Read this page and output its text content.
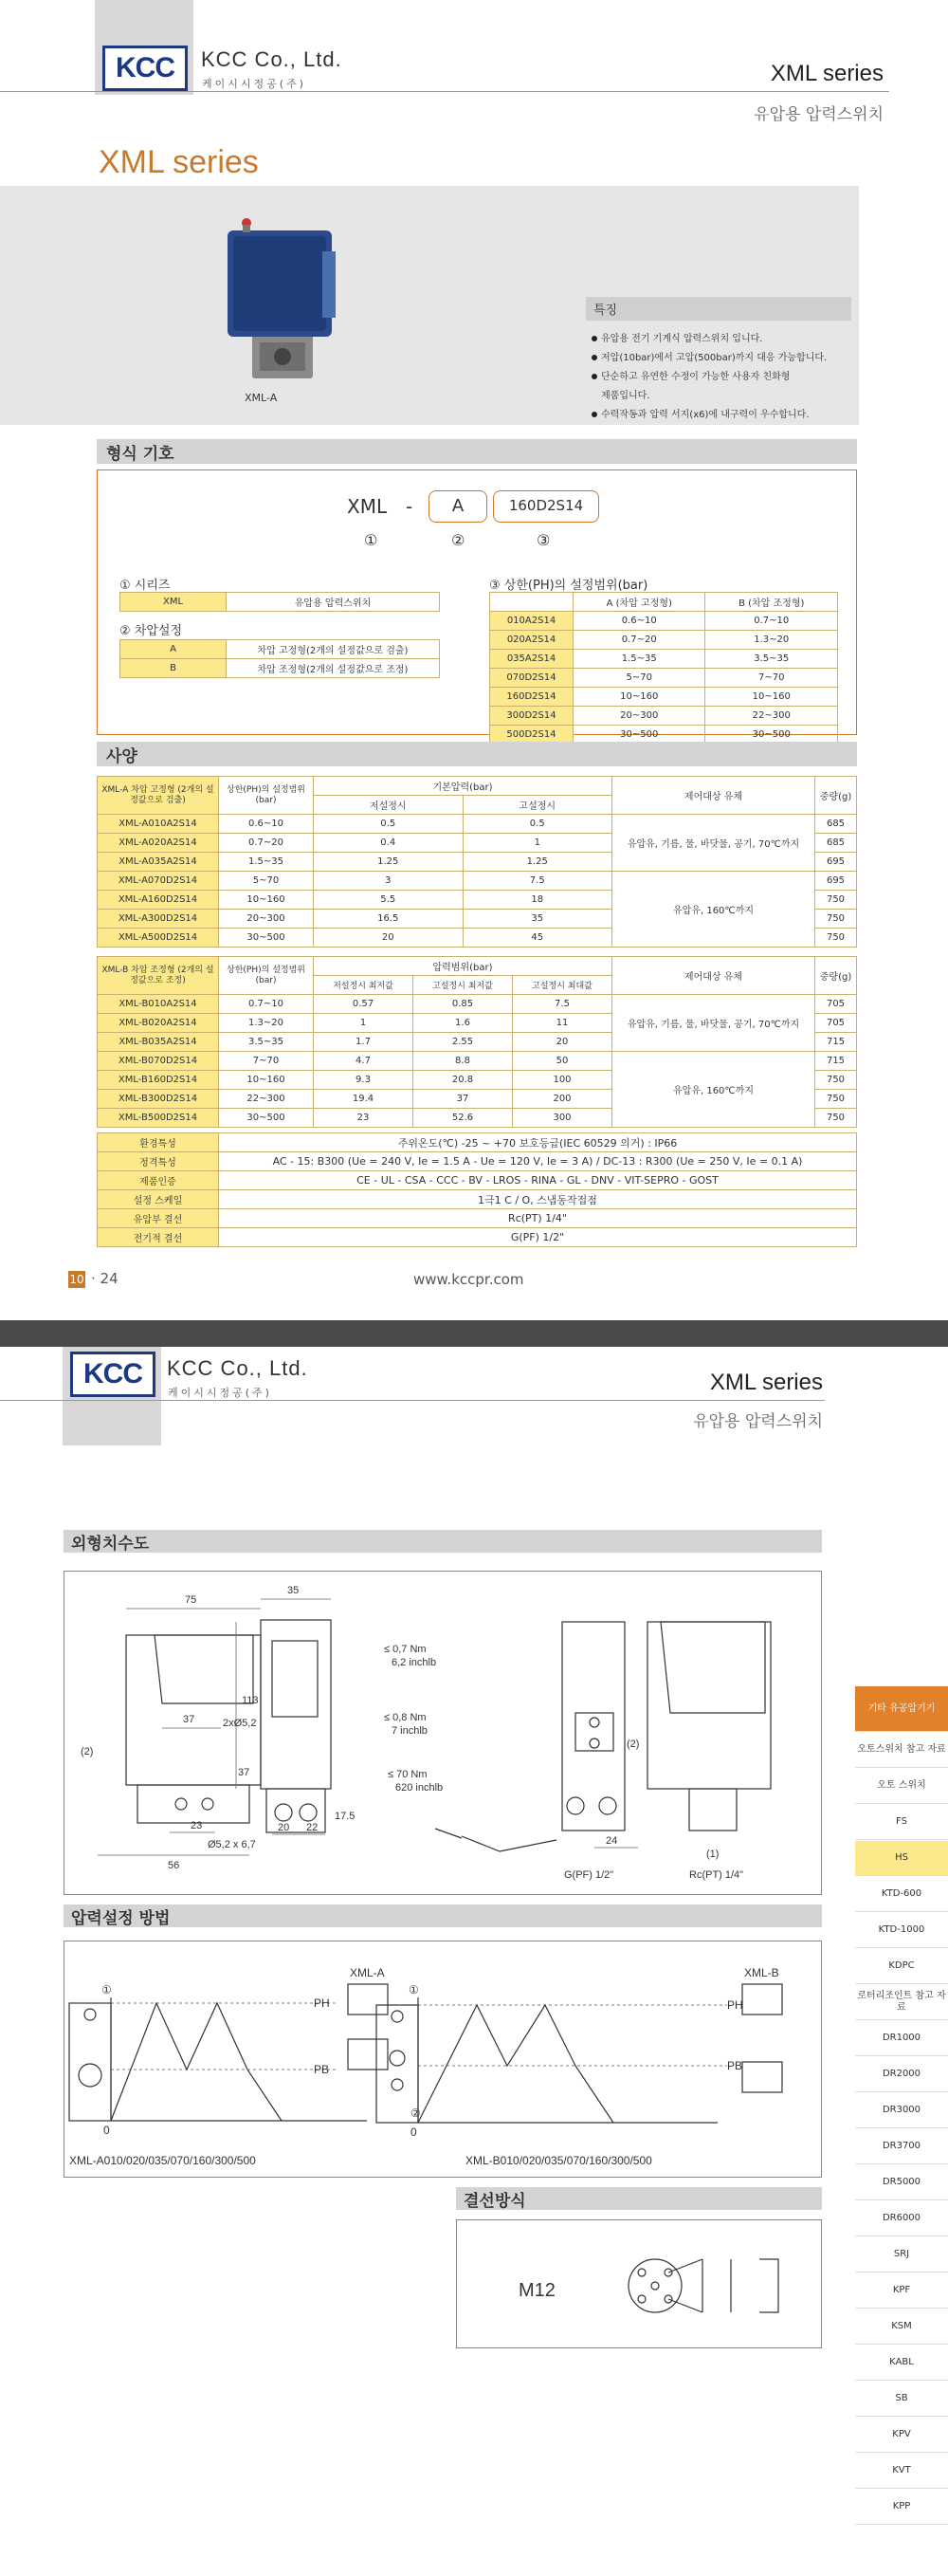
KCC KCC Co., Ltd.
케이시시정공(주)	XML series
유압용 압력스위치
XML series
XML-A
특징
유압용 전기 기계식 압력스위치 입니다.
저압(10bar)에서 고압(500bar)까지 대응 가능합니다.
단순하고 유연한 수정이 가능한 사용자 친화형
제품입니다.
수력작동과 압력 서지(x6)에 내구력이 우수합니다.
형식 기호
XML -	A	160D2S14
①	②	③
① 시리즈
XML	유압용 압력스위치
② 차압설정
A	차압 고정형(2개의 설정값으로 검출)
B	차압 조정형(2개의 설정값으로 조정)
③ 상한(PH)의 설정범위(bar)
	A (차압 고정형)	B (차압 조정형)
010A2S14	0.6~10	0.7~10
020A2S14	0.7~20	1.3~20
035A2S14	1.5~35	3.5~35
070D2S14	5~70	7~70
160D2S14	10~160	10~160
300D2S14	20~300	22~300
500D2S14	30~500	30~500
사양
XML-A 차압 고정형 (2개의 설정값으로 검출)	상한(PH)의 설정범위 (bar)	기본압력(bar)		제어대상 유체	중량(g)
		저설정시	고설정시		
XML-A010A2S14	0.6~10	0.5	0.5	유압유, 기름, 물, 바닷물, 공기, 70℃까지	685
XML-A020A2S14	0.7~20	0.4	1		685
XML-A035A2S14	1.5~35	1.25	1.25		695
XML-A070D2S14	5~70	3	7.5	유압유, 160℃까지	695
XML-A160D2S14	10~160	5.5	18		750
XML-A300D2S14	20~300	16.5	35		750
XML-A500D2S14	30~500	20	45		750
XML-B 차압 조정형 (2개의 설정값으로 조정)	상한(PH)의 설정범위 (bar)	압력범위(bar)			제어대상 유체	중량(g)
		저설정시 최저값	고설정시 최저값	고설정시 최대값		
XML-B010A2S14	0.7~10	0.57	0.85	7.5	유압유, 기름, 물, 바닷물, 공기, 70℃까지	705
XML-B020A2S14	1.3~20	1	1.6	11		705
XML-B035A2S14	3.5~35	1.7	2.55	20		715
XML-B070D2S14	7~70	4.7	8.8	50	유압유, 160℃까지	715
XML-B160D2S14	10~160	9.3	20.8	100		750
XML-B300D2S14	22~300	19.4	37	200		750
XML-B500D2S14	30~500	23	52.6	300		750
환경특성	주위온도(℃) -25 ~ +70 보호등급(IEC 60529 의거) : IP66
정격특성	AC - 15: B300 (Ue = 240 V, Ie = 1.5 A - Ue = 120 V, Ie = 3 A) / DC-13 : R300 (Ue = 250 V, Ie = 0.1 A)
제품인증	CE - UL - CSA - CCC - BV - LROS - RINA - GL - DNV - VIT-SEPRO - GOST
설정 스케일	1극1 C / O, 스냅동작접점
유압부 결선	Rc(PT) 1/4"
전기적 결선	G(PF) 1/2"
10 · 24	www.kccpr.com
KCC KCC Co., Ltd.
케이시시정공(주)	XML series
유압용 압력스위치
외형치수도
75
35
37	2xØ5,2
113
37
23
56
20 22
17.5
Ø5,2 x 6,7
≤ 0,7 Nm
6,2 inchlb
≤ 0,8 Nm
7 inchlb
≤ 70 Nm
620 inchlb
24
(2)
(2)
(1)
G(PF) 1/2"	Rc(PT) 1/4"
압력설정 방법
XML-A	XML-B
PH
PB
PH
PB
0	0
①	①
②
XML-A010/020/035/070/160/300/500	XML-B010/020/035/070/160/300/500
결선방식
M12
기타 유공압기기
오토스위치 참고 자료
오토 스위치
FS
HS
KTD-600
KTD-1000
KDPC
로터리조인트 참고 자료
DR1000
DR2000
DR3000
DR3700
DR5000
DR6000
SRJ
KPF
KSM
KABL
SB
KPV
KVT
KPP
